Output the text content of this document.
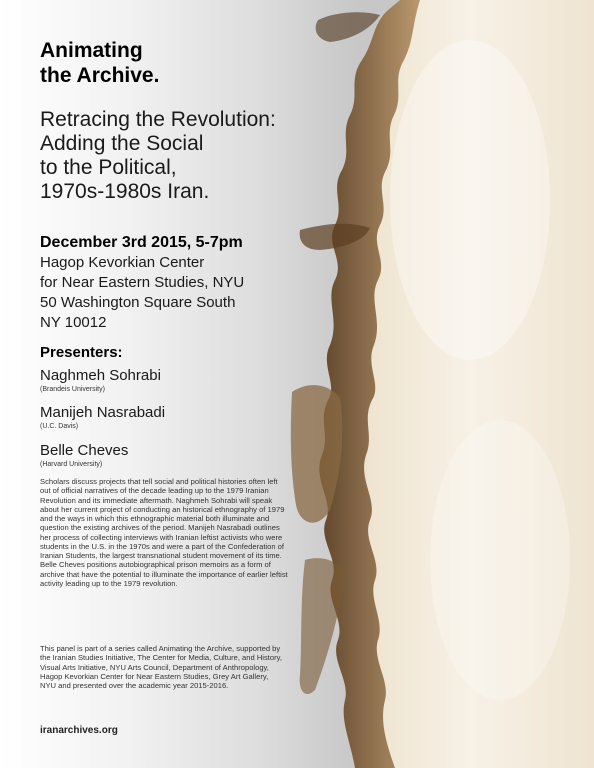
Animating
the Archive.
Retracing the Revolution:
Adding the Social
to the Political,
1970s-1980s Iran.
December 3rd 2015, 5-7pm
Hagop Kevorkian Center
for Near Eastern Studies, NYU
50 Washington Square South
NY 10012
Presenters:
Naghmeh Sohrabi
(Brandeis University)
Manijeh Nasrabadi
(U.C. Davis)
Belle Cheves
(Harvard University)

Scholars discuss projects that tell social and political histories often left out of official narratives of the decade leading up to the 1979 Iranian Revolution and its immediate aftermath. Naghmeh Sohrabi will speak about her current project of conducting an historical ethnography of 1979 and the ways in which this ethnographic material both illuminate and question the existing archives of the period. Manijeh Nasrabadi outlines her process of collecting interviews with Iranian leftist activists who were students in the U.S. in the 1970s and were a part of the Confederation of Iranian Students, the largest transnational student movement of its time. Belle Cheves positions autobiographical prison memoirs as a form of archive that have the potential to illuminate the importance of earlier leftist activity leading up to the 1979 revolution.

This panel is part of a series called Animating the Archive, supported by the Iranian Studies Initiative, The Center for Media, Culture, and History, Visual Arts Initiative, NYU Arts Council, Department of Anthropology, Hagop Kevorkian Center for Near Eastern Studies, Grey Art Gallery, NYU and presented over the academic year 2015-2016.

iranarchives.org
